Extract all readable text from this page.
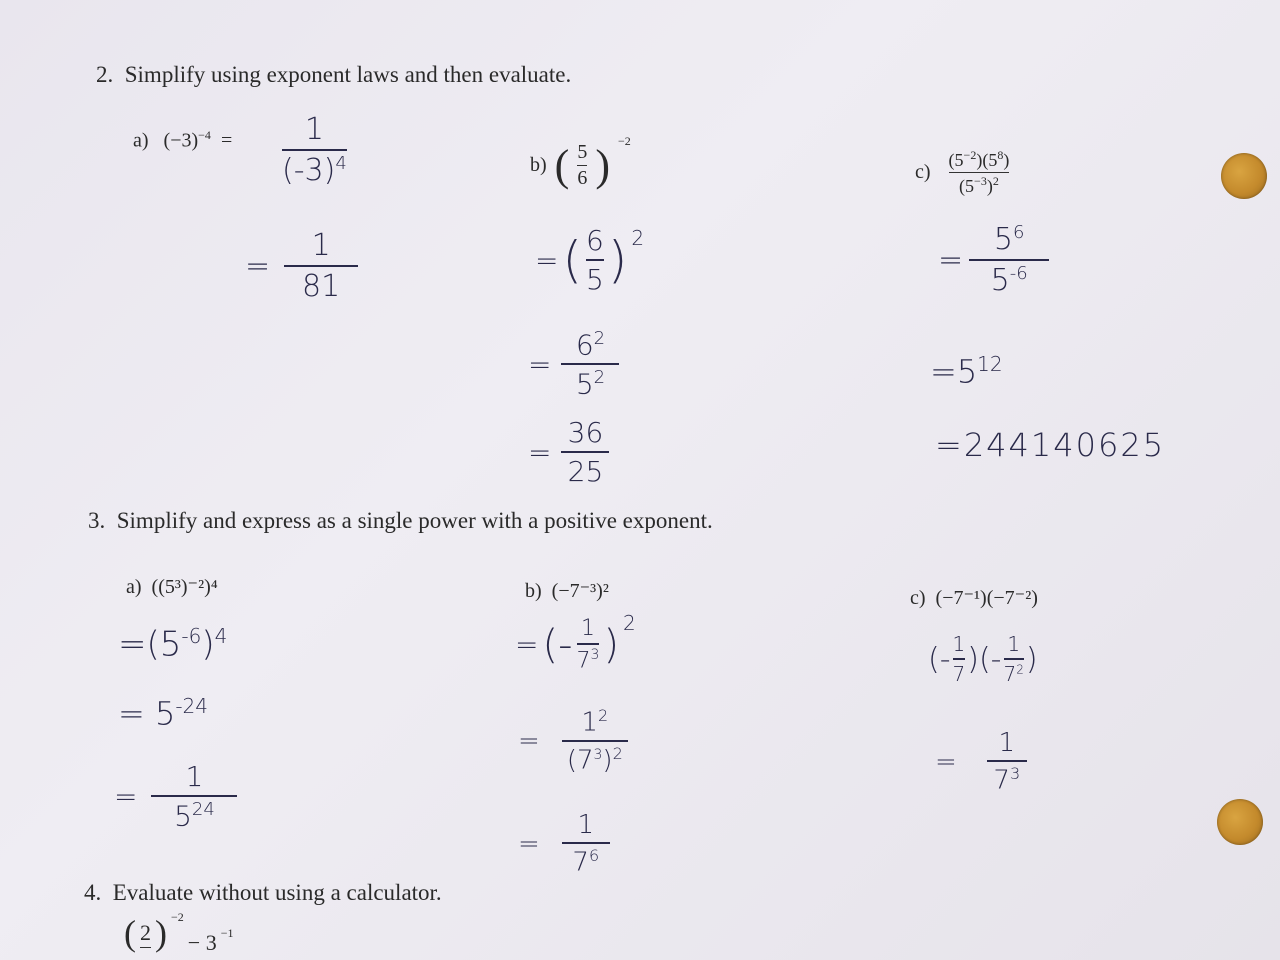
2. Simplify using exponent laws and then evaluate.
a) $(-3)^{-4} = 1$
$(-3)^4$
=
1
81
b) ( $\frac{5}{6}$ ) $^{-2}$
= ( 6
5 )$^2$
=
$6^2$
$5^2$
=
36
25
$c) \frac{(5^{-2})(5^8)}{(5^{-3})^2}$
=
$5^6$
$5^{-6}$
$=5^{12}$
=244140625
3. Simplify and express as a single power with a positive exponent.
a) ((5³)⁻²)⁴
$=(5^{-6})^4$
= $5^{-24}$
=
1
$5^{24}$
b) (−7⁻³)²
= (- 1
$7^3$ )$^2$
=
$1^2$
$(7^3)^2$
=
1
$7^6$
c) (−7⁻¹)(−7⁻²)
(- 1
7 )(- 1
$7^2$ )
=
1
$7^3$
4. Evaluate without using a calculator.
( 2 ) $^{-2}$
− 3 $^{-1}$
